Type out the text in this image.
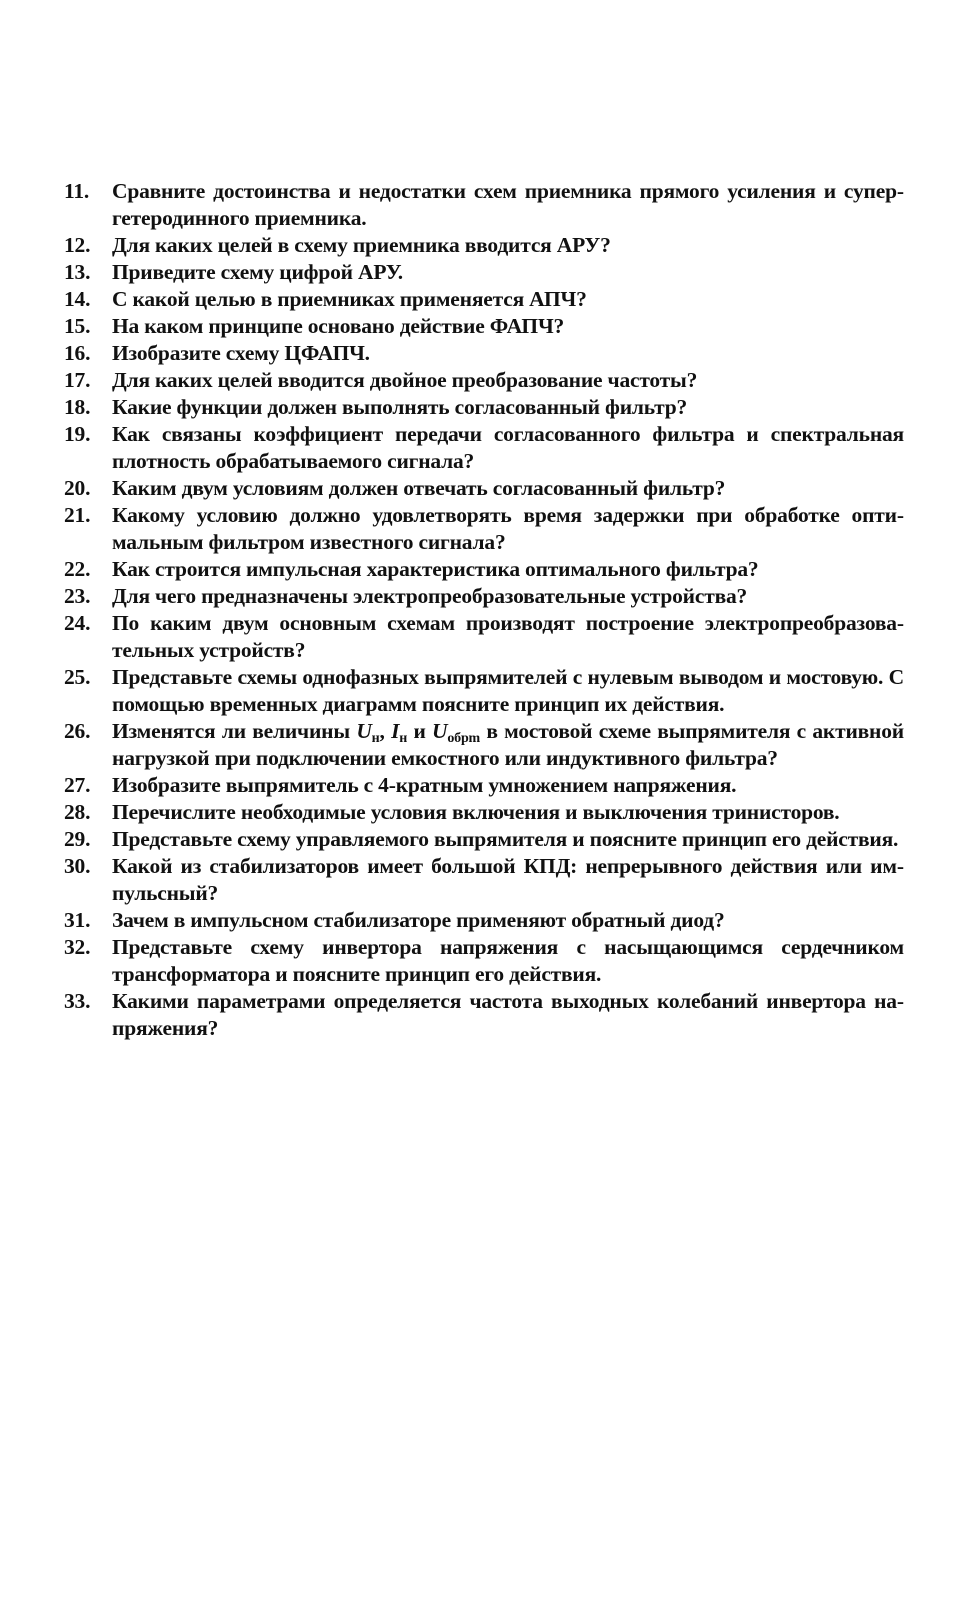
11.	Сравните достоинства и недостатки схем приемника прямого усиления и супергетеродинного приемника.
12.	Для каких целей в схему приемника вводится АРУ?
13.	Приведите схему цифрой АРУ.
14.	С какой целью в приемниках применяется АПЧ?
15.	На каком принципе основано действие ФАПЧ?
16.	Изобразите схему ЦФАПЧ.
17.	Для каких целей вводится двойное преобразование частоты?
18.	Какие функции должен выполнять согласованный фильтр?
19.	Как связаны коэффициент передачи согласованного фильтра и спектральная плотность обрабатываемого сигнала?
20.	Каким двум условиям должен отвечать согласованный фильтр?
21.	Какому условию должно удовлетворять время задержки при обработке оптимальным фильтром известного сигнала?
22.	Как строится импульсная характеристика оптимального фильтра?
23.	Для чего предназначены электропреобразовательные устройства?
24.	По каким двум основным схемам производят построение электропреобразовательных устройств?
25.	Представьте схемы однофазных выпрямителей с нулевым выводом и мостовую. С помощью временных диаграмм поясните принцип их действия.
26.	Изменятся ли величины $U_н$, $I_н$ и $U_{обрm}$ в мостовой схеме выпрямителя с активной нагрузкой при подключении емкостного или индуктивного фильтра?
27.	Изобразите выпрямитель с 4-кратным умножением напряжения.
28.	Перечислите необходимые условия включения и выключения тринисторов.
29.	Представьте схему управляемого выпрямителя и поясните принцип его действия.
30.	Какой из стабилизаторов имеет большой КПД: непрерывного действия или импульсный?
31.	Зачем в импульсном стабилизаторе применяют обратный диод?
32.	Представьте схему инвертора напряжения с насыщающимся сердечником трансформатора и поясните принцип его действия.
33.	Какими параметрами определяется частота выходных колебаний инвертора напряжения?
